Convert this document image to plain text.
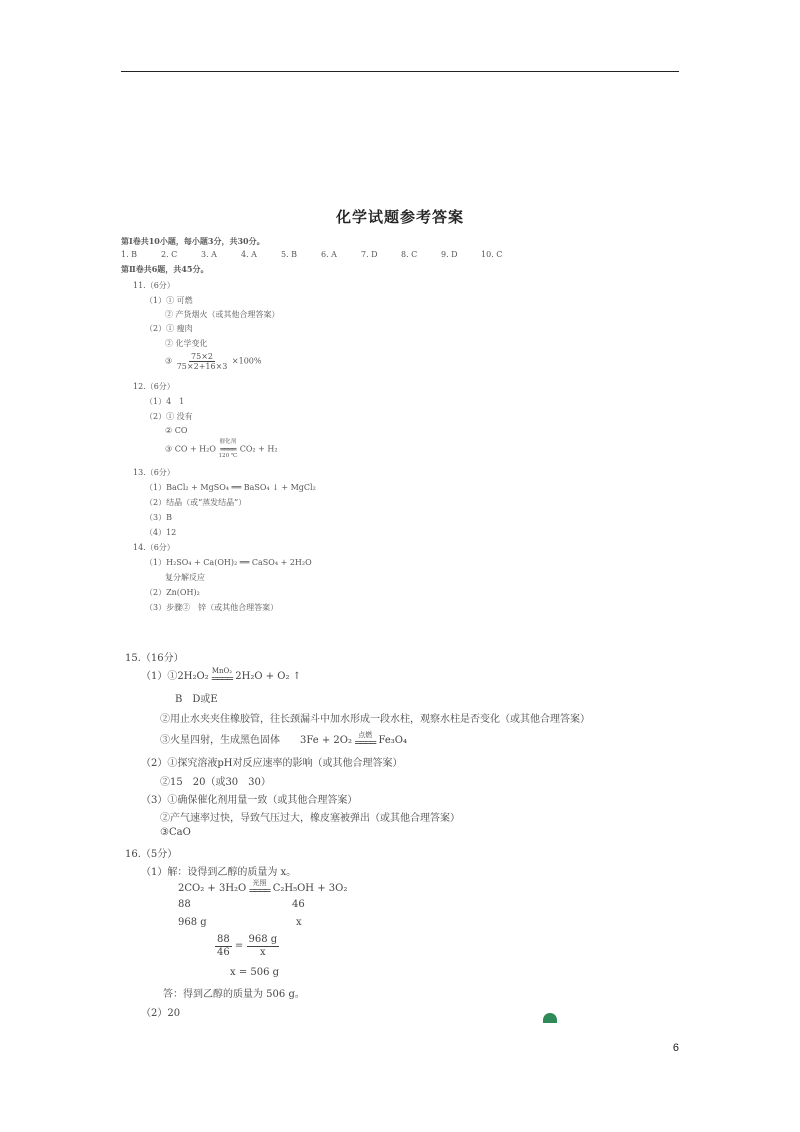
化学试题参考答案
第Ⅰ卷共10小题，每小题3分，共30分。
1. B	2. C	3. A	4. A	5. B	6. A	7. D	8. C	9. D	10. C
第Ⅱ卷共6题，共45分。
11.（6分）
（1）① 可燃
② 产货烟火（或其他合理答案）
（2）① 瘦肉
② 化学变化
③ $\frac{75\times 2}{75\times 2+16\times 3} \times 100\%$
12.（6分）
（1）4　1
（2）① 没有
② CO
③ CO + H₂O
催化剂
════
120 ℃
CO₂ + H₂
13.（6分）
（1）BaCl₂ + MgSO₄ ══ BaSO₄ ↓ + MgCl₂
（2）结晶（或“蒸发结晶”）
（3）B
（4）12
14.（6分）
（1）H₂SO₄ + Ca(OH)₂ ══ CaSO₄ + 2H₂O
复分解反应
（2）Zn(OH)₂
（3）步骤②　锌（或其他合理答案）
15.（16分）
（1）①2H₂O₂ MnO₂
════ 2H₂O + O₂ ↑
B　D或E
②用止水夹夹住橡胶管，往长颈漏斗中加水形成一段水柱，观察水柱是否变化（或其他合理答案）
③火星四射，生成黑色固体　　3Fe + 2O₂ 点燃
════ Fe₃O₄
（2）①探究溶液pH对反应速率的影响（或其他合理答案）
②15　20（或30　30）
（3）①确保催化剂用量一致（或其他合理答案）
②产气速率过快，导致气压过大，橡皮塞被弹出（或其他合理答案）
③CaO
16.（5分）
（1）解：设得到乙醇的质量为 x。
2CO₂ + 3H₂O 光照
════ C₂H₅OH + 3O₂
88	46
968 g	x
$\frac{88}{46} = \frac{968 g}{x}$
x = 506 g
答：得到乙醇的质量为 506 g。
（2）20
6
